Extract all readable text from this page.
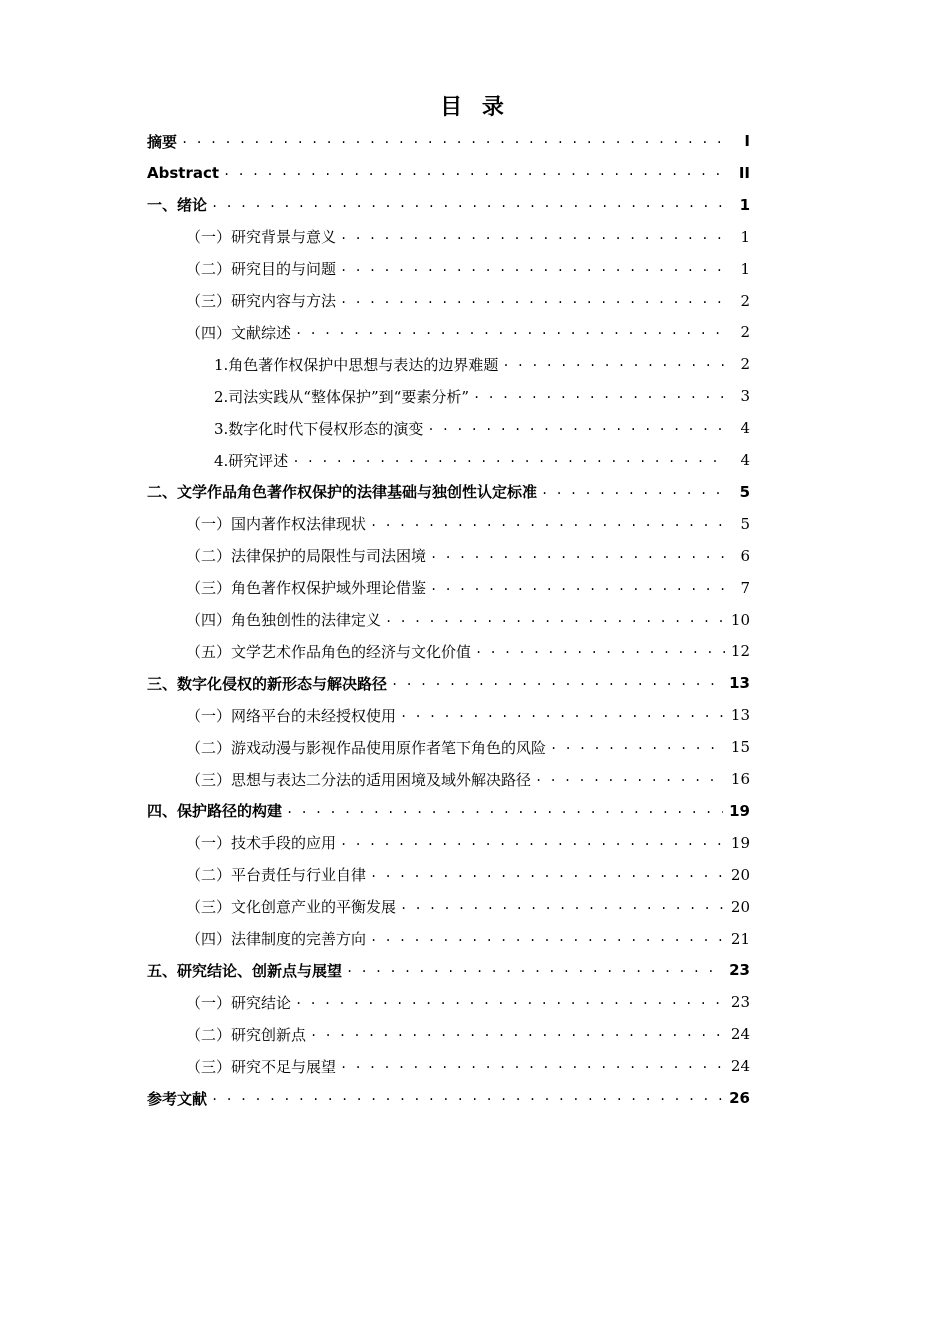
目 录
摘要 . . .	I
Abstract . . .	II
一、绪论 . . .	1
（一）研究背景与意义 . . .	1
（二）研究目的与问题 . . .	1
（三）研究内容与方法 . . .	2
（四）文献综述 . . .	2
1.角色著作权保护中思想与表达的边界难题 . . .	2
2.司法实践从“整体保护”到“要素分析” . . .	3
3.数字化时代下侵权形态的演变 . . .	4
4.研究评述 . . .	4
二、文学作品角色著作权保护的法律基础与独创性认定标准 . . .	5
（一）国内著作权法律现状 . . .	5
（二）法律保护的局限性与司法困境 . . .	6
（三）角色著作权保护域外理论借鉴 . . .	7
（四）角色独创性的法律定义 . . .	10
（五）文学艺术作品角色的经济与文化价值 . . .	12
三、数字化侵权的新形态与解决路径 . . .	13
（一）网络平台的未经授权使用 . . .	13
（二）游戏动漫与影视作品使用原作者笔下角色的风险 . . .	15
（三）思想与表达二分法的适用困境及域外解决路径 . . .	16
四、保护路径的构建 . . .	19
（一）技术手段的应用 . . .	19
（二）平台责任与行业自律 . . .	20
（三）文化创意产业的平衡发展 . . .	20
（四）法律制度的完善方向 . . .	21
五、研究结论、创新点与展望 . . .	23
（一）研究结论 . . .	23
（二）研究创新点 . . .	24
（三）研究不足与展望 . . .	24
参考文献 . . .	26
